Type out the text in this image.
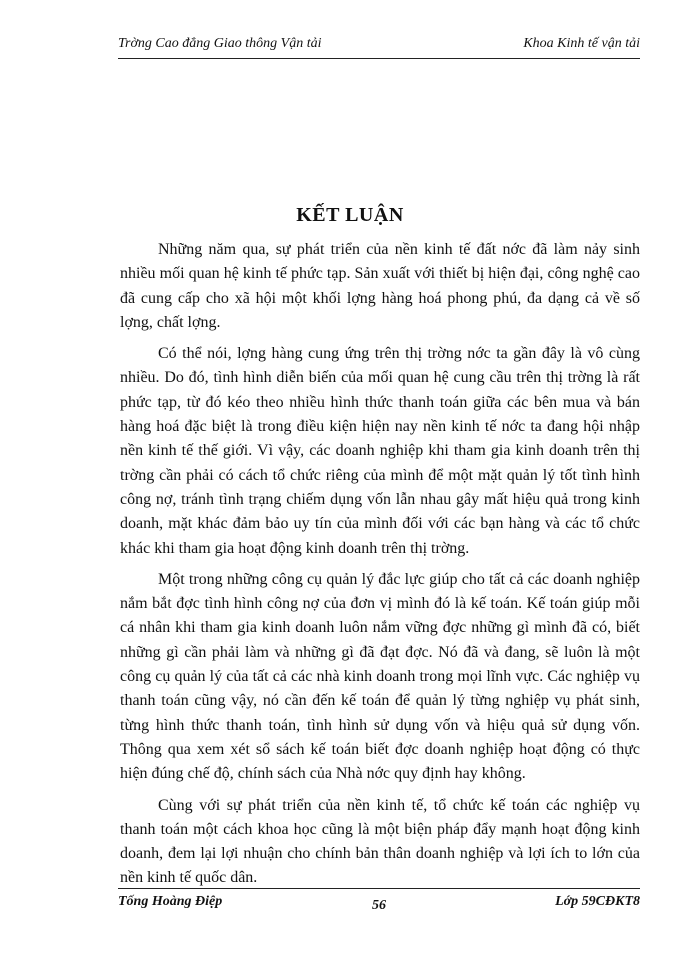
Trờng Cao đẳng Giao thông Vận tải	Khoa Kinh tế vận tải
KẾT LUẬN

Những năm qua, sự phát triển của nền kinh tế đất nớc đã làm nảy sinh nhiều mối quan hệ kinh tế phức tạp. Sản xuất với thiết bị hiện đại, công nghệ cao đã cung cấp cho xã hội một khối lợng hàng hoá phong phú, đa dạng cả về số lợng, chất lợng.

Có thể nói, lợng hàng cung ứng trên thị trờng nớc ta gần đây là vô cùng nhiều. Do đó, tình hình diễn biến của mối quan hệ cung cầu trên thị trờng là rất phức tạp, từ đó kéo theo nhiều hình thức thanh toán giữa các bên mua và bán hàng hoá đặc biệt là trong điều kiện hiện nay nền kinh tế nớc ta đang hội nhập nền kinh tế thế giới. Vì vậy, các doanh nghiệp khi tham gia kinh doanh trên thị trờng cần phải có cách tổ chức riêng của mình để một mặt quản lý tốt tình hình công nợ, tránh tình trạng chiếm dụng vốn lẫn nhau gây mất hiệu quả trong kinh doanh, mặt khác đảm bảo uy tín của mình đối với các bạn hàng và các tổ chức khác khi tham gia hoạt động kinh doanh trên thị trờng.

Một trong những công cụ quản lý đắc lực giúp cho tất cả các doanh nghiệp nắm bắt đợc tình hình công nợ của đơn vị mình đó là kế toán. Kế toán giúp mỗi cá nhân khi tham gia kinh doanh luôn nắm vững đợc những gì mình đã có, biết những gì cần phải làm và những gì đã đạt đợc. Nó đã và đang, sẽ luôn là một công cụ quản lý của tất cả các nhà kinh doanh trong mọi lĩnh vực. Các nghiệp vụ thanh toán cũng vậy, nó cần đến kế toán để quản lý từng nghiệp vụ phát sinh, từng hình thức thanh toán, tình hình sử dụng vốn và hiệu quả sử dụng vốn. Thông qua xem xét sổ sách kế toán biết đợc doanh nghiệp hoạt động có thực hiện đúng chế độ, chính sách của Nhà nớc quy định hay không.

Cùng với sự phát triển của nền kinh tế, tổ chức kế toán các nghiệp vụ thanh toán một cách khoa học cũng là một biện pháp đẩy mạnh hoạt động kinh doanh, đem lại lợi nhuận cho chính bản thân doanh nghiệp và lợi ích to lớn của nền kinh tế quốc dân.

Tống Hoàng Điệp	56	Lớp 59CĐKT8
